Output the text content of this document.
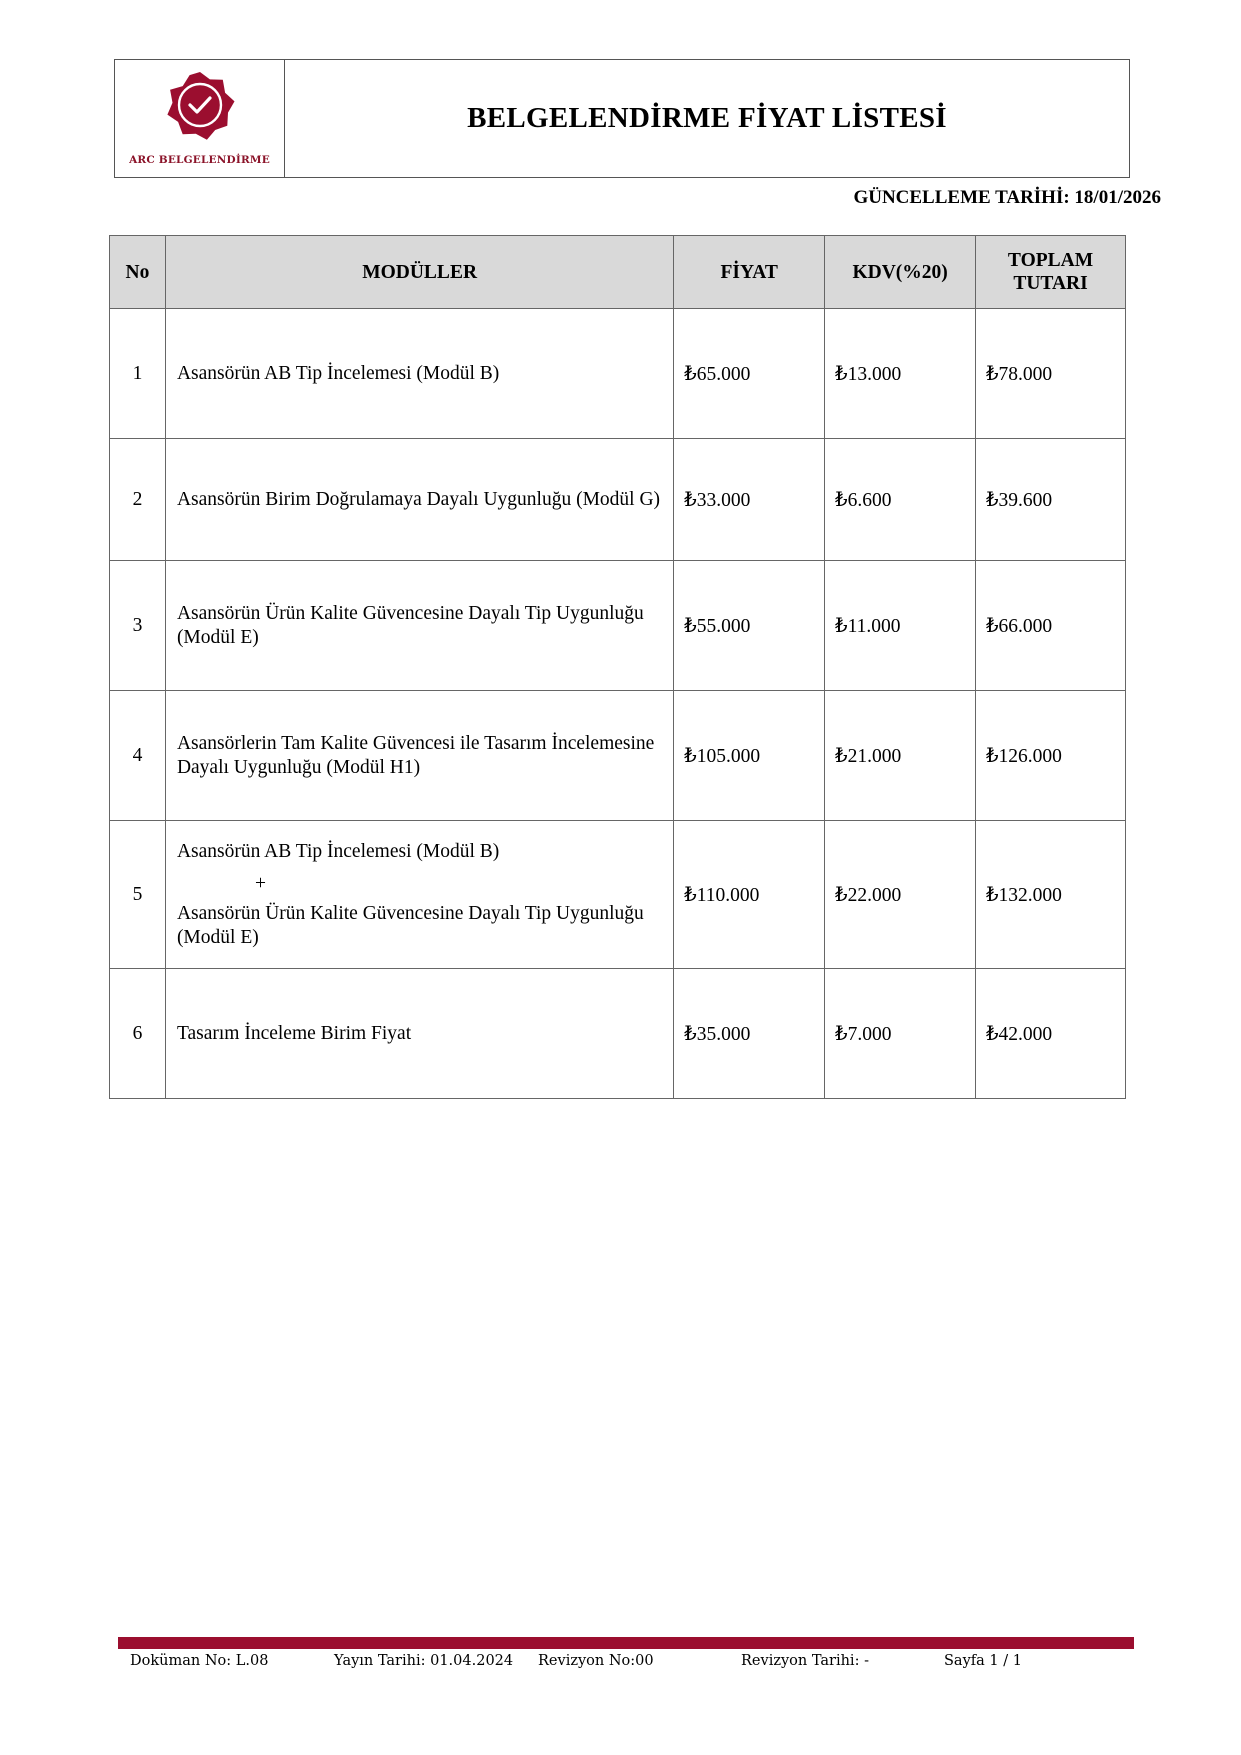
ARC BELGELENDİRME
BELGELENDİRME FİYAT LİSTESİ
GÜNCELLEME TARİHİ: 18/01/2026
No	MODÜLLER	FİYAT	KDV(%20)	TOPLAM
TUTARI
1	Asansörün AB Tip İncelemesi (Modül B)	₺65.000	₺13.000	₺78.000
2	Asansörün Birim Doğrulamaya Dayalı Uygunluğu (Modül G)	₺33.000	₺6.600	₺39.600
3	Asansörün Ürün Kalite Güvencesine Dayalı Tip Uygunluğu (Modül E)	₺55.000	₺11.000	₺66.000
4	Asansörlerin Tam Kalite Güvencesi ile Tasarım İncelemesine Dayalı Uygunluğu (Modül H1)	₺105.000	₺21.000	₺126.000
5	Asansörün AB Tip İncelemesi (Modül B)
+
Asansörün Ürün Kalite Güvencesine Dayalı Tip Uygunluğu (Modül E)	₺110.000	₺22.000	₺132.000
6	Tasarım İnceleme Birim Fiyat	₺35.000	₺7.000	₺42.000
Doküman No: L.08	Yayın Tarihi: 01.04.2024 Revizyon No:00	Revizyon Tarihi: -	Sayfa 1 / 1
